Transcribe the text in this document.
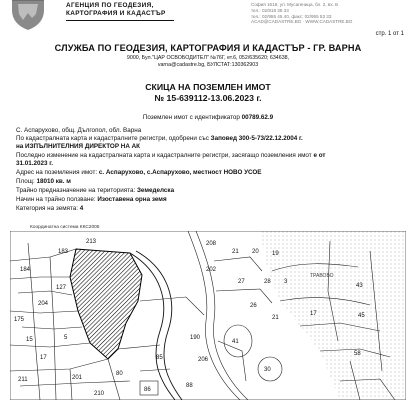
АГЕНЦИЯ ПО ГЕОДЕЗИЯ,
КАРТОГРАФИЯ И КАДАСТЪР
София 1618, ул. Мусагеница, бл. 2, вх. Б
тел.: 02/818 38 33
тел.: 02/955 45 40, факс: 02/955 53 33
ACAD@CADASTRE.BG · WWW.CADASTRE.BG
стр. 1 от 1
СЛУЖБА ПО ГЕОДЕЗИЯ, КАРТОГРАФИЯ И КАДАСТЪР - ГР. ВАРНА
9000, Бул."ЦАР ОСВОБОДИТЕЛ" №76Г, ет.6, 052/635620; 634638,
varna@cadastre.bg, БУЛСТАТ:130362903
СКИЦА НА ПОЗЕМЛЕН ИМОТ
№ 15-639112-13.06.2023 г.
Поземлен имот с идентификатор 00789.62.9
С. Аспарухово, общ. Дългопол, обл. Варна
По кадастралната карта и кадастралните регистри, одобрени със Заповед 300-5-73/22.12.2004 г.
на ИЗПЪЛНИТЕЛНИЯ ДИРЕКТОР НА АК
Последно изменение на кадастралната карта и кадастралните регистри, засягащо поземления имот е от
31.01.2023 г.
Адрес на поземления имот: с. Аспарухово, с.Аспарухово, местност НОВО УСОЕ
Площ: 18010 кв. м
Трайно предназначение на територията: Земеделска
Начин на трайно ползване: Изоставена орна земя
Категория на земята: 4
Координатна система ККС2005
213
183
184
208
127
202
204
21 20 19
175
27	28
26
3
21
17
43
41
30
85
190
206
58
45
15	5
17
80
86
88
201
211
210
ТРАВОВО
